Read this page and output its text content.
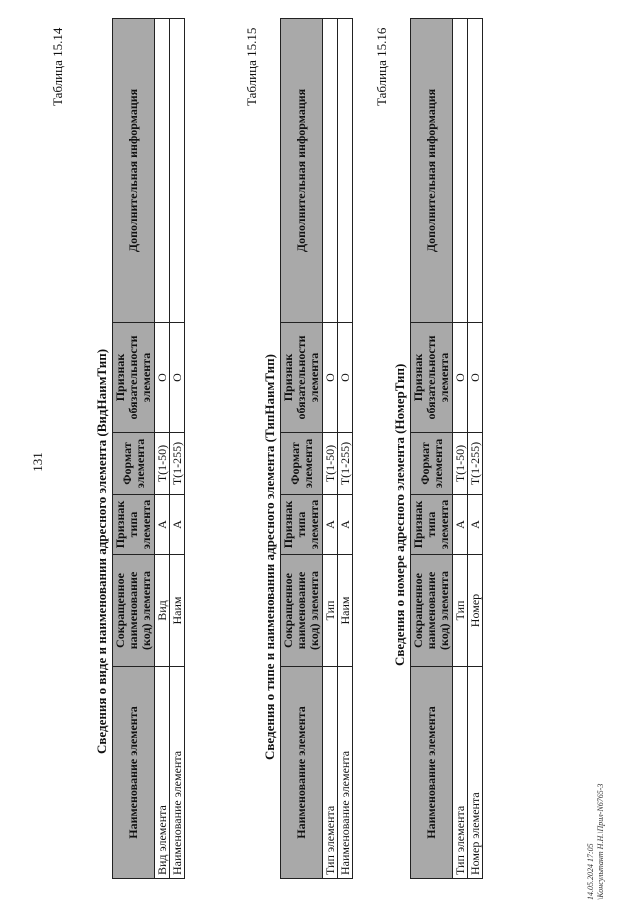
131
Таблица 15.14
Сведения о виде и наименовании адресного элемента (ВидНаимТип)
Наименование элемента	Сокращенное наименование (код) элемента	Признак типа элемента	Формат элемента	Признак обязательности элемента	Дополнительная информация
Вид элемента	Вид	А	T(1-50)	О	
Наименование элемента	Наим	А	T(1-255)	О	
Таблица 15.15
Сведения о типе и наименовании адресного элемента (ТипНаимТип)
Наименование элемента	Сокращенное наименование (код) элемента	Признак типа элемента	Формат элемента	Признак обязательности элемента	Дополнительная информация
Тип элемента	Тип	А	T(1-50)	О	
Наименование элемента	Наим	А	T(1-255)	О	
Таблица 15.16
Сведения о номере адресного элемента (НомерТип)
Наименование элемента	Сокращенное наименование (код) элемента	Признак типа элемента	Формат элемента	Признак обязательности элемента	Дополнительная информация
Тип элемента	Тип	А	T(1-50)	О	
Номер элемента	Номер	А	T(1-255)	О	
14.05.2024 17:05 \Консультант Н.Н.\Прил-N6765-3
